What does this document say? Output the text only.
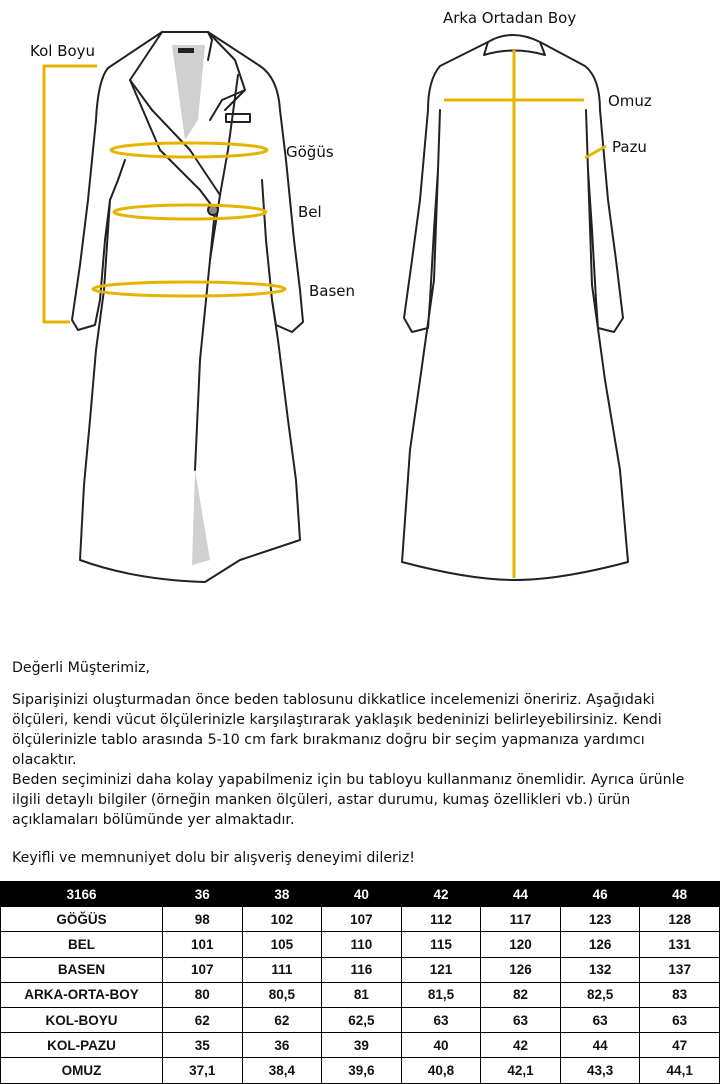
Kol Boyu
Göğüs
Bel
Basen
Arka Ortadan Boy
Omuz
Pazu

Değerli Müşterimiz,

Siparişinizi oluşturmadan önce beden tablosunu dikkatlice incelemenizi öneririz. Aşağıdaki ölçüleri, kendi vücut ölçülerinizle karşılaştırarak yaklaşık bedeninizi belirleyebilirsiniz. Kendi ölçülerinizle tablo arasında 5-10 cm fark bırakmanız doğru bir seçim yapmanıza yardımcı olacaktır.

Beden seçiminizi daha kolay yapabilmeniz için bu tabloyu kullanmanız önemlidir. Ayrıca ürünle ilgili detaylı bilgiler (örneğin manken ölçüleri, astar durumu, kumaş özellikleri vb.) ürün açıklamaları bölümünde yer almaktadır.

Keyifli ve memnuniyet dolu bir alışveriş deneyimi dileriz!

3166	36	38	40	42	44	46	48
GÖĞÜS	98	102	107	112	117	123	128
BEL	101	105	110	115	120	126	131
BASEN	107	111	116	121	126	132	137
ARKA-ORTA-BOY	80	80,5	81	81,5	82	82,5	83
KOL-BOYU	62	62	62,5	63	63	63	63
KOL-PAZU	35	36	39	40	42	44	47
OMUZ	37,1	38,4	39,6	40,8	42,1	43,3	44,1
